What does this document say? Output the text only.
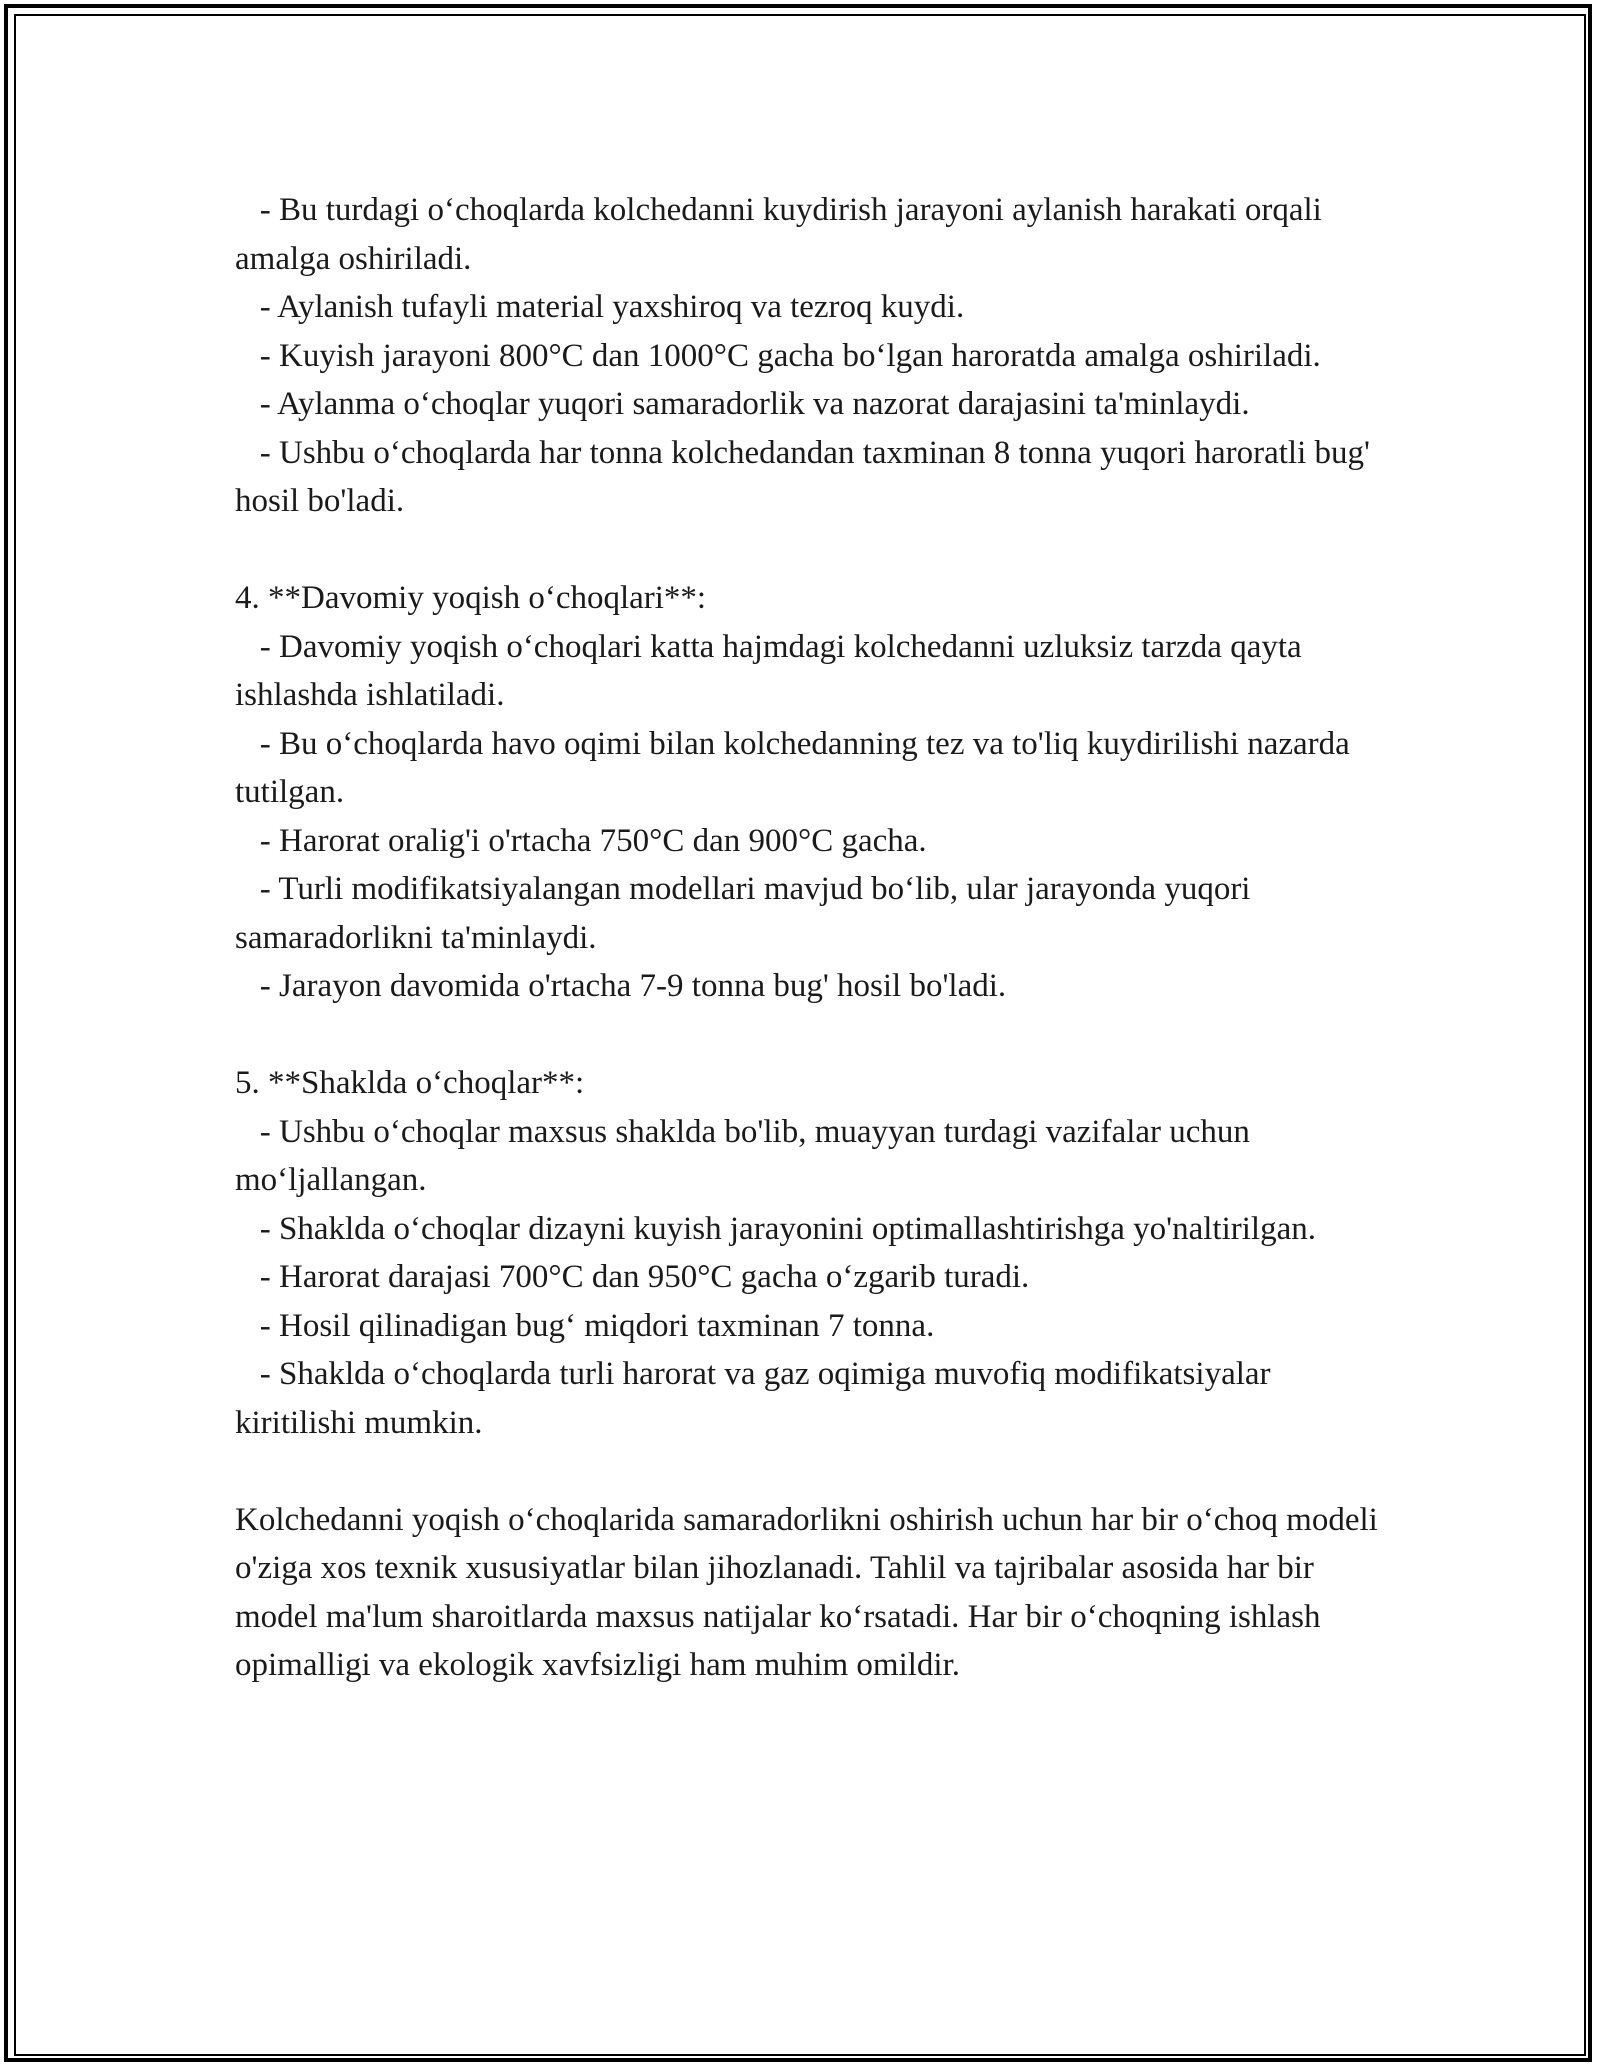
- Bu turdagi o‘choqlarda kolchedanni kuydirish jarayoni aylanish harakati orqali amalga oshiriladi.

- Aylanish tufayli material yaxshiroq va tezroq kuydi.

- Kuyish jarayoni 800°C dan 1000°C gacha bo‘lgan haroratda amalga oshiriladi.

- Aylanma o‘choqlar yuqori samaradorlik va nazorat darajasini ta'minlaydi.

- Ushbu o‘choqlarda har tonna kolchedandan taxminan 8 tonna yuqori haroratli bug' hosil bo'ladi.

4. **Davomiy yoqish o‘choqlari**:

- Davomiy yoqish o‘choqlari katta hajmdagi kolchedanni uzluksiz tarzda qayta ishlashda ishlatiladi.

- Bu o‘choqlarda havo oqimi bilan kolchedanning tez va to'liq kuydirilishi nazarda tutilgan.

- Harorat oralig'i o'rtacha 750°C dan 900°C gacha.

- Turli modifikatsiyalangan modellari mavjud bo‘lib, ular jarayonda yuqori samaradorlikni ta'minlaydi.

- Jarayon davomida o'rtacha 7-9 tonna bug' hosil bo'ladi.

5. **Shaklda o‘choqlar**:

- Ushbu o‘choqlar maxsus shaklda bo'lib, muayyan turdagi vazifalar uchun mo‘ljallangan.

- Shaklda o‘choqlar dizayni kuyish jarayonini optimallashtirishga yo'naltirilgan.

- Harorat darajasi 700°C dan 950°C gacha o‘zgarib turadi.

- Hosil qilinadigan bug‘ miqdori taxminan 7 tonna.

- Shaklda o‘choqlarda turli harorat va gaz oqimiga muvofiq modifikatsiyalar kiritilishi mumkin.

Kolchedanni yoqish o‘choqlarida samaradorlikni oshirish uchun har bir o‘choq modeli o'ziga xos texnik xususiyatlar bilan jihozlanadi. Tahlil va tajribalar asosida har bir model ma'lum sharoitlarda maxsus natijalar ko‘rsatadi. Har bir o‘choqning ishlash opimalligi va ekologik xavfsizligi ham muhim omildir.
